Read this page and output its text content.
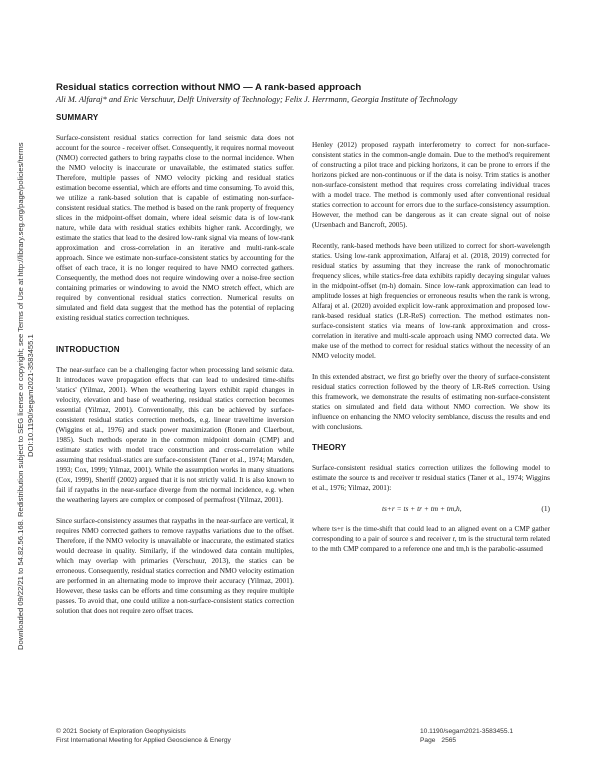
Downloaded 09/22/21 to 54.82.56.168. Redistribution subject to SEG license or copyright; see Terms of Use at http://library.seg.org/page/policies/terms DOI:10.1190/segam2021-3583455.1

Residual statics correction without NMO — A rank-based approach

Ali M. Alfaraj* and Eric Verschuur, Delft University of Technology; Felix J. Herrmann, Georgia Institute of Technology

SUMMARY

Surface-consistent residual statics correction for land seismic data does not account for the source - receiver offset. Consequently, it requires normal moveout (NMO) corrected gathers to bring raypaths close to the normal incidence. When the NMO velocity is inaccurate or unavailable, the estimated statics suffer. Therefore, multiple passes of NMO velocity picking and residual statics estimation become essential, which are efforts and time consuming. To avoid this, we utilize a rank-based solution that is capable of estimating non-surface-consistent residual statics. The method is based on the rank property of frequency slices in the midpoint-offset domain, where ideal seismic data is of low-rank nature, while data with residual statics exhibits higher rank. Accordingly, we estimate the statics that lead to the desired low-rank signal via means of low-rank approximation and cross-correlation in an iterative and multi-rank-scale approach. Since we estimate non-surface-consistent statics by accounting for the offset of each trace, it is no longer required to have NMO corrected gathers. Consequently, the method does not require windowing over a noise-free section containing primaries or windowing to avoid the NMO stretch effect, which are required by conventional residual statics correction. Numerical results on simulated and field data suggest that the method has the potential of replacing existing residual statics correction techniques.

INTRODUCTION

The near-surface can be a challenging factor when processing land seismic data. It introduces wave propagation effects that can lead to undesired time-shifts 'statics' (Yilmaz, 2001). When the weathering layers exhibit rapid changes in velocity, elevation and base of weathering, residual statics correction becomes essential (Yilmaz, 2001). Conventionally, this can be achieved by surface-consistent residual statics correction methods, e.g. linear traveltime inversion (Wiggins et al., 1976) and stack power maximization (Ronen and Claerbout, 1985). Such methods operate in the common midpoint domain (CMP) and estimate statics with model trace construction and cross-correlation while assuming that residual-statics are surface-consistent (Taner et al., 1974; Marsden, 1993; Cox, 1999; Yilmaz, 2001). While the assumption works in many situations (Cox, 1999), Sheriff (2002) argued that it is not strictly valid. It is also known to fail if raypaths in the near-surface diverge from the normal incidence, e.g. when the weathering layers are complex or composed of permafrost (Yilmaz, 2001).

Since surface-consistency assumes that raypaths in the near-surface are vertical, it requires NMO corrected gathers to remove raypaths variations due to the offset. Therefore, if the NMO velocity is unavailable or inaccurate, the estimated statics would decrease in quality. Similarly, if the windowed data contain multiples, which may overlap with primaries (Verschuur, 2013), the statics can be erroneous. Consequently, residual statics correction and NMO velocity estimation are performed in an alternating mode to improve their accuracy (Yilmaz, 2001). However, these tasks can be efforts and time consuming as they require multiple passes. To avoid that, one could utilize a non-surface-consistent statics correction solution that does not require zero offset traces.

Henley (2012) proposed raypath interferometry to correct for non-surface-consistent statics in the common-angle domain. Due to the method's requirement of constructing a pilot trace and picking horizons, it can be prone to errors if the horizons picked are non-continuous or if the data is noisy. Trim statics is another non-surface-consistent method that requires cross correlating individual traces with a model trace. The method is commonly used after conventional residual statics correction to account for errors due to the surface-consistency assumption. However, the method can be dangerous as it can create signal out of noise (Ursenbach and Bancroft, 2005).

Recently, rank-based methods have been utilized to correct for short-wavelength statics. Using low-rank approximation, Alfaraj et al. (2018, 2019) corrected for residual statics by assuming that they increase the rank of monochromatic frequency slices, while statics-free data exhibits rapidly decaying singular values in the midpoint-offset (m-h) domain. Since low-rank approximation can lead to amplitude losses at high frequencies or erroneous results when the rank is wrong, Alfaraj et al. (2020) avoided explicit low-rank approximation and proposed low-rank-based residual statics (LR-ReS) correction. The method estimates non-surface-consistent statics via means of low-rank approximation and cross-correlation in iterative and multi-scale approach using NMO corrected data. We make use of the method to correct for residual statics without the necessity of an NMO velocity model.

In this extended abstract, we first go briefly over the theory of surface-consistent residual statics correction followed by the theory of LR-ReS correction. Using this framework, we demonstrate the results of estimating non-surface-consistent statics on simulated and field data without NMO correction. We show its influence on enhancing the NMO velocity semblance, discuss the results and end with conclusions.

THEORY

Surface-consistent residual statics correction utilizes the following model to estimate the source ts and receiver tr residual statics (Taner et al., 1974; Wiggins et al., 1976; Yilmaz, 2001):

ts+r = ts + tr + tm + tm,h,	(1)

where ts+r is the time-shift that could lead to an aligned event on a CMP gather corresponding to a pair of source s and receiver r, tm is the structural term related to the mth CMP compared to a reference one and tm,h is the parabolic-assumed

© 2021 Society of Exploration Geophysicists
First International Meeting for Applied Geoscience & Energy
10.1190/segam2021-3583455.1
Page 2565
